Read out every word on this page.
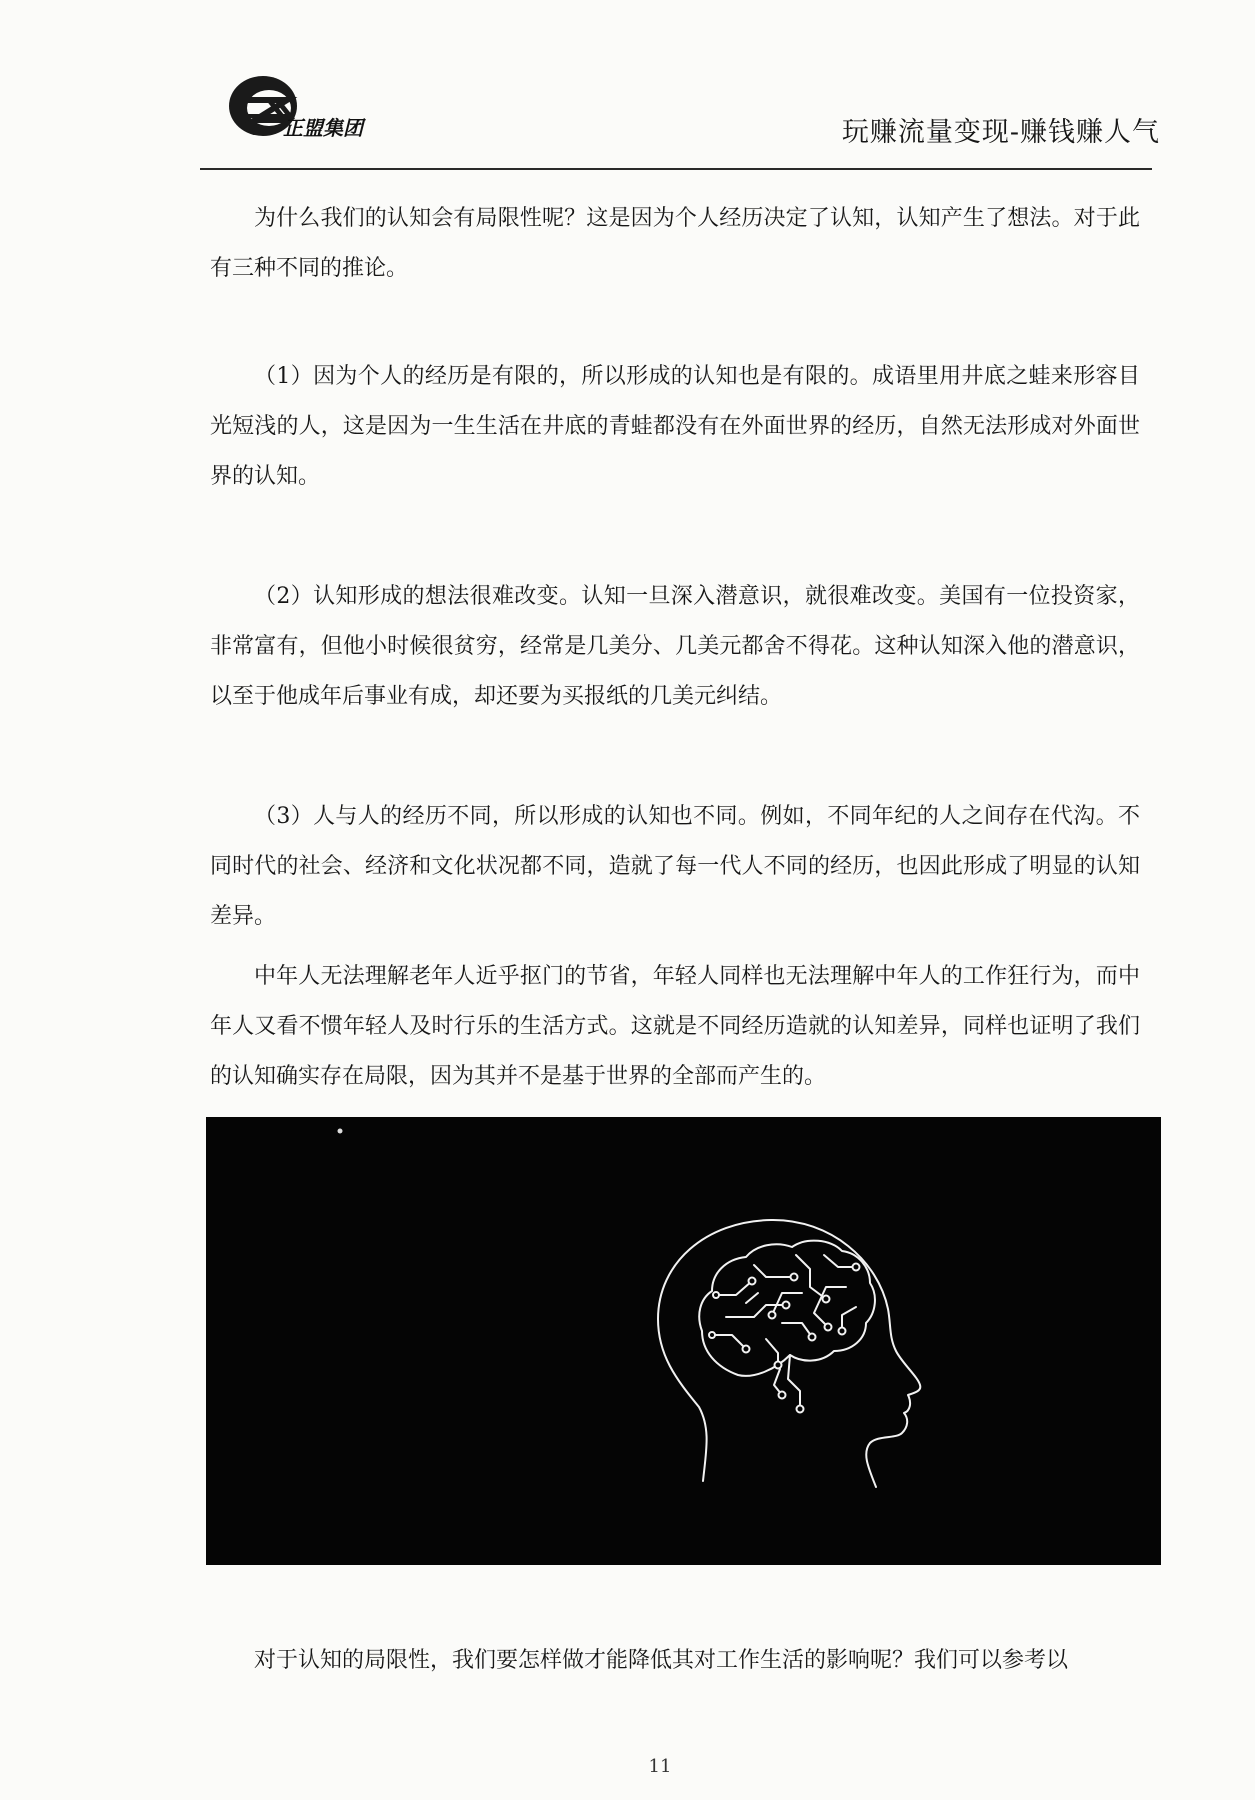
正盟集团	玩赚流量变现-赚钱赚人气

为什么我们的认知会有局限性呢？这是因为个人经历决定了认知，认知产生了想法。对于此有三种不同的推论。

（1）因为个人的经历是有限的，所以形成的认知也是有限的。成语里用井底之蛙来形容目光短浅的人，这是因为一生生活在井底的青蛙都没有在外面世界的经历，自然无法形成对外面世界的认知。

（2）认知形成的想法很难改变。认知一旦深入潜意识，就很难改变。美国有一位投资家，非常富有，但他小时候很贫穷，经常是几美分、几美元都舍不得花。这种认知深入他的潜意识，以至于他成年后事业有成，却还要为买报纸的几美元纠结。

（3）人与人的经历不同，所以形成的认知也不同。例如，不同年纪的人之间存在代沟。不同时代的社会、经济和文化状况都不同，造就了每一代人不同的经历，也因此形成了明显的认知差异。

中年人无法理解老年人近乎抠门的节省，年轻人同样也无法理解中年人的工作狂行为，而中年人又看不惯年轻人及时行乐的生活方式。这就是不同经历造就的认知差异，同样也证明了我们的认知确实存在局限，因为其并不是基于世界的全部而产生的。

对于认知的局限性，我们要怎样做才能降低其对工作生活的影响呢？我们可以参考以

11
